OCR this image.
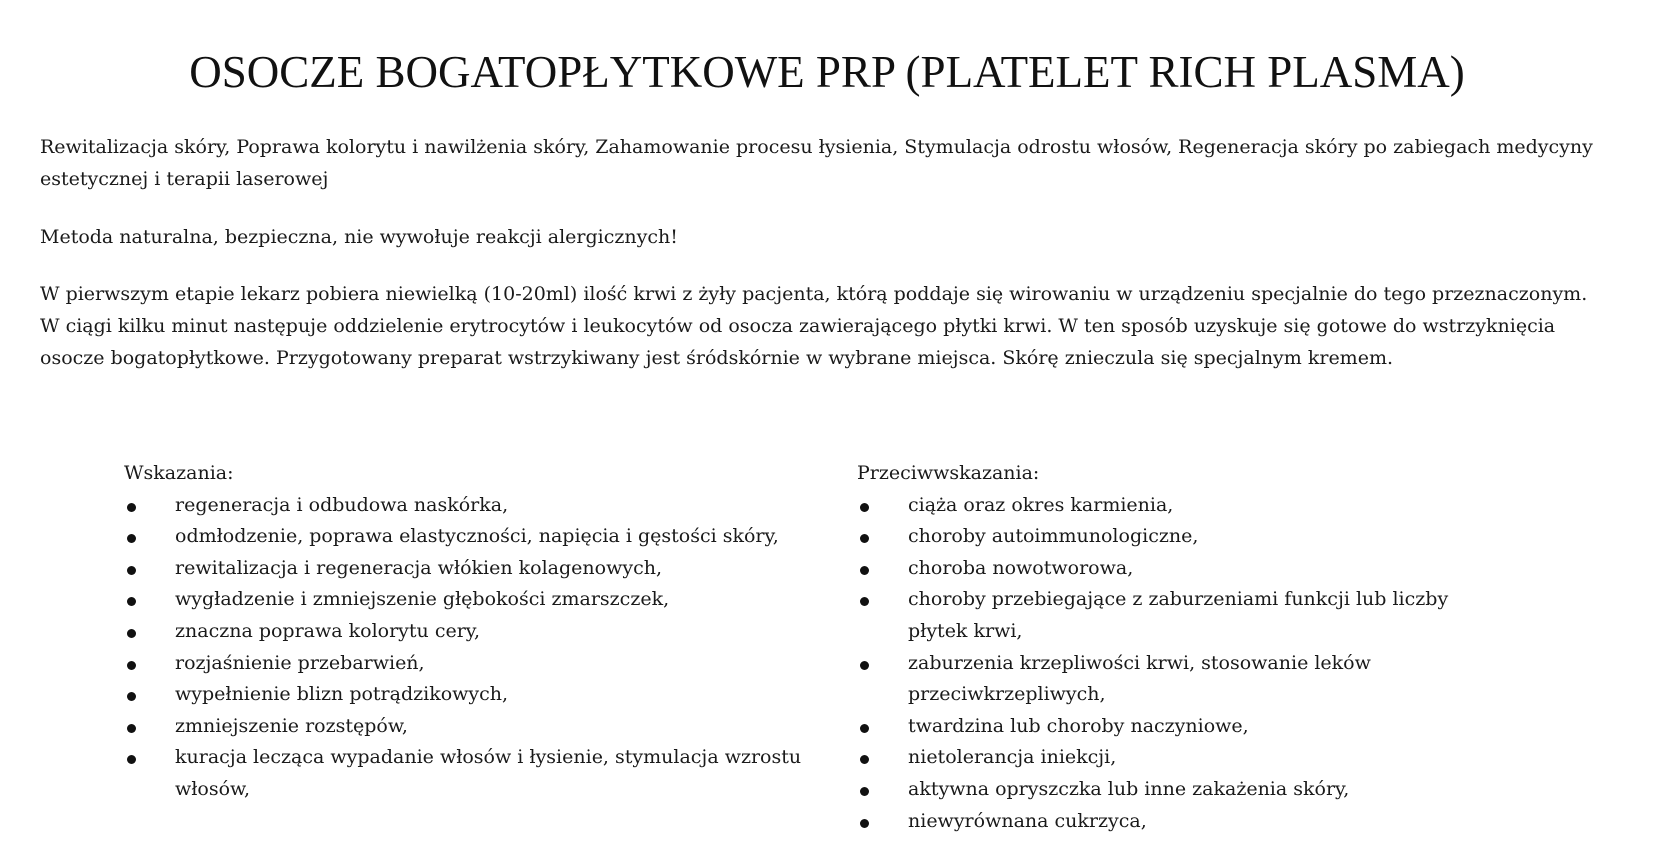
OSOCZE BOGATOPŁYTKOWE PRP (PLATELET RICH PLASMA)

Rewitalizacja skóry, Poprawa kolorytu i nawilżenia skóry, Zahamowanie procesu łysienia, Stymulacja odrostu włosów, Regeneracja skóry po zabiegach medycyny estetycznej i terapii laserowej

Metoda naturalna, bezpieczna, nie wywołuje reakcji alergicznych!

W pierwszym etapie lekarz pobiera niewielką (10-20ml) ilość krwi z żyły pacjenta, którą poddaje się wirowaniu w urządzeniu specjalnie do tego przeznaczonym. W ciągi kilku minut następuje oddzielenie erytrocytów i leukocytów od osocza zawierającego płytki krwi. W ten sposób uzyskuje się gotowe do wstrzyknięcia osocze bogatopłytkowe. Przygotowany preparat wstrzykiwany jest śródskórnie w wybrane miejsca. Skórę znieczula się specjalnym kremem.

Wskazania:
regeneracja i odbudowa naskórka,
odmłodzenie, poprawa elastyczności, napięcia i gęstości skóry,
rewitalizacja i regeneracja włókien kolagenowych,
wygładzenie i zmniejszenie głębokości zmarszczek,
znaczna poprawa kolorytu cery,
rozjaśnienie przebarwień,
wypełnienie blizn potrądzikowych,
zmniejszenie rozstępów,
kuracja lecząca wypadanie włosów i łysienie, stymulacja wzrostu włosów,
Przeciwwskazania:
ciąża oraz okres karmienia,
choroby autoimmunologiczne,
choroba nowotworowa,
choroby przebiegające z zaburzeniami funkcji lub liczby płytek krwi,
zaburzenia krzepliwości krwi, stosowanie leków przeciwkrzepliwych,
twardzina lub choroby naczyniowe,
nietolerancja iniekcji,
aktywna opryszczka lub inne zakażenia skóry,
niewyrównana cukrzyca,
